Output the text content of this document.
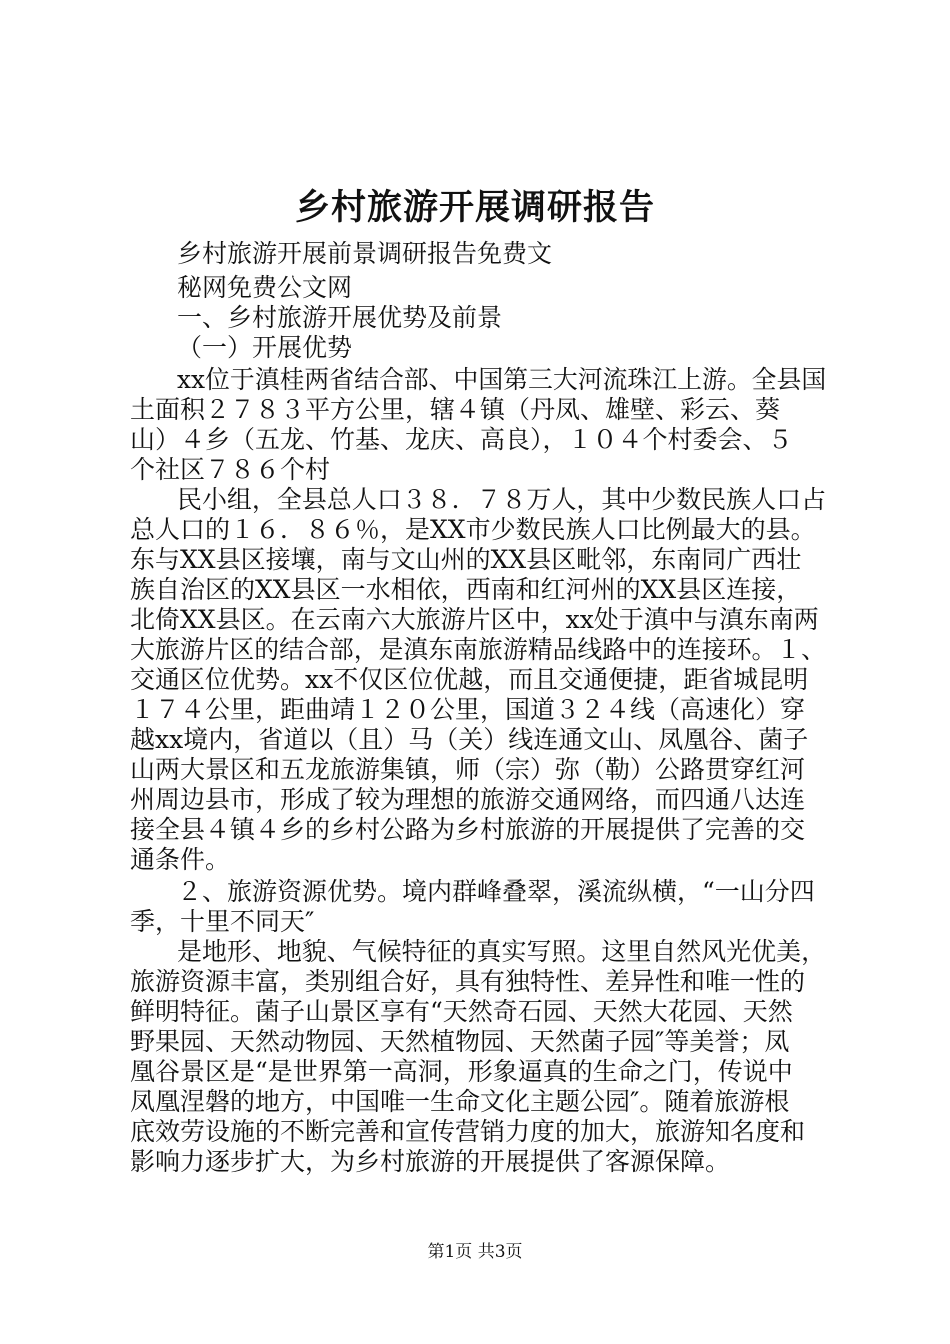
乡村旅游开展调研报告
乡村旅游开展前景调研报告免费文
秘网免费公文网
一、乡村旅游开展优势及前景
（一）开展优势
xx位于滇桂两省结合部、中国第三大河流珠江上游。全县国
土面积２７８３平方公里，辖４镇（丹凤、雄壁、彩云、葵
山）４乡（五龙、竹基、龙庆、高良），１０４个村委会、５
个社区７８６个村
民小组，全县总人口３８．７８万人，其中少数民族人口占
总人口的１６．８６％，是XX市少数民族人口比例最大的县。
东与XX县区接壤，南与文山州的XX县区毗邻，东南同广西壮
族自治区的XX县区一水相依，西南和红河州的XX县区连接，
北倚XX县区。在云南六大旅游片区中，xx处于滇中与滇东南两
大旅游片区的结合部，是滇东南旅游精品线路中的连接环。１、
交通区位优势。xx不仅区位优越，而且交通便捷，距省城昆明
１７４公里，距曲靖１２０公里，国道３２４线（高速化）穿
越xx境内，省道以（且）马（关）线连通文山、凤凰谷、菌子
山两大景区和五龙旅游集镇，师（宗）弥（勒）公路贯穿红河
州周边县市，形成了较为理想的旅游交通网络，而四通八达连
接全县４镇４乡的乡村公路为乡村旅游的开展提供了完善的交
通条件。
２、旅游资源优势。境内群峰叠翠，溪流纵横，“一山分四
季，十里不同天″
是地形、地貌、气候特征的真实写照。这里自然风光优美，
旅游资源丰富，类别组合好，具有独特性、差异性和唯一性的
鲜明特征。菌子山景区享有“天然奇石园、天然大花园、天然
野果园、天然动物园、天然植物园、天然菌子园″等美誉；凤
凰谷景区是“是世界第一高洞，形象逼真的生命之门，传说中
凤凰涅磐的地方，中国唯一生命文化主题公园″。随着旅游根
底效劳设施的不断完善和宣传营销力度的加大，旅游知名度和
影响力逐步扩大，为乡村旅游的开展提供了客源保障。
第1页 共3页
